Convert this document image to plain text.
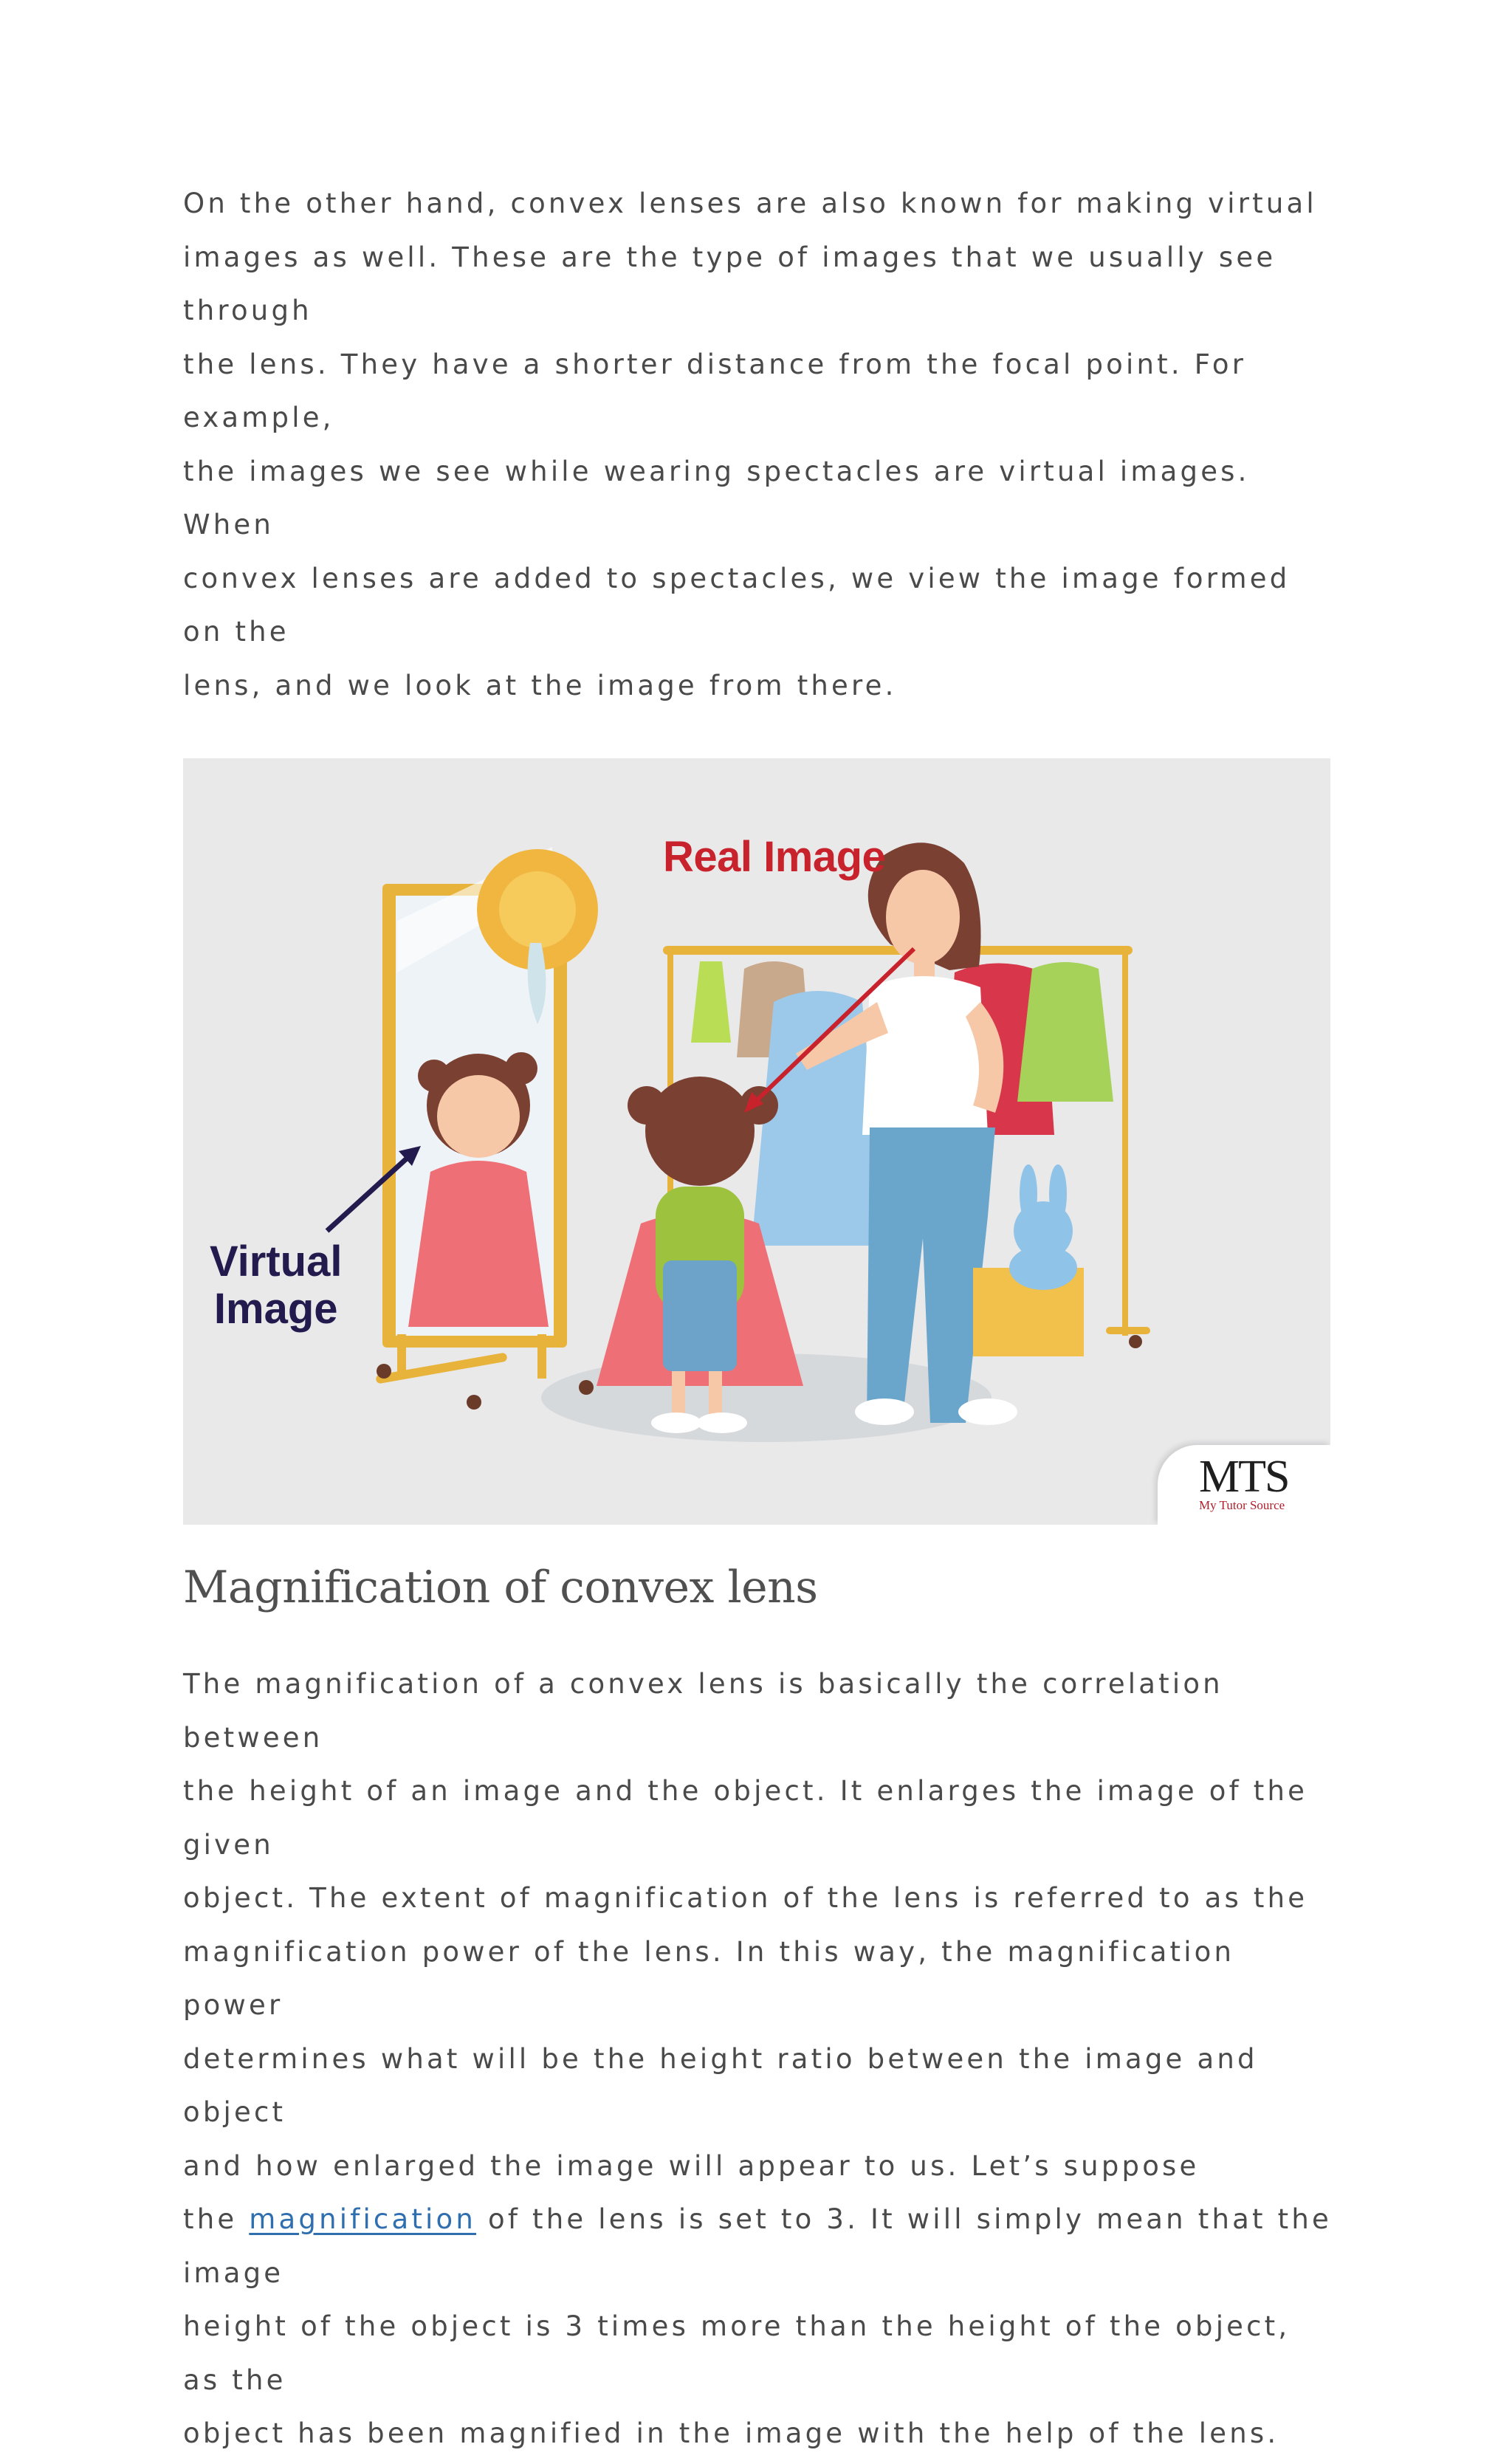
On the other hand, convex lenses are also known for making virtual
images as well. These are the type of images that we usually see through
the lens. They have a shorter distance from the focal point. For example,
the images we see while wearing spectacles are virtual images. When
convex lenses are added to spectacles, we view the image formed on the
lens, and we look at the image from there.

Real Image
Virtual
Image
MTS
My Tutor Source
Magnification of convex lens

The magnification of a convex lens is basically the correlation between
the height of an image and the object. It enlarges the image of the given
object. The extent of magnification of the lens is referred to as the
magnification power of the lens. In this way, the magnification power
determines what will be the height ratio between the image and object
and how enlarged the image will appear to us. Let’s suppose
the magnification of the lens is set to 3. It will simply mean that the image
height of the object is 3 times more than the height of the object, as the
object has been magnified in the image with the help of the lens.
